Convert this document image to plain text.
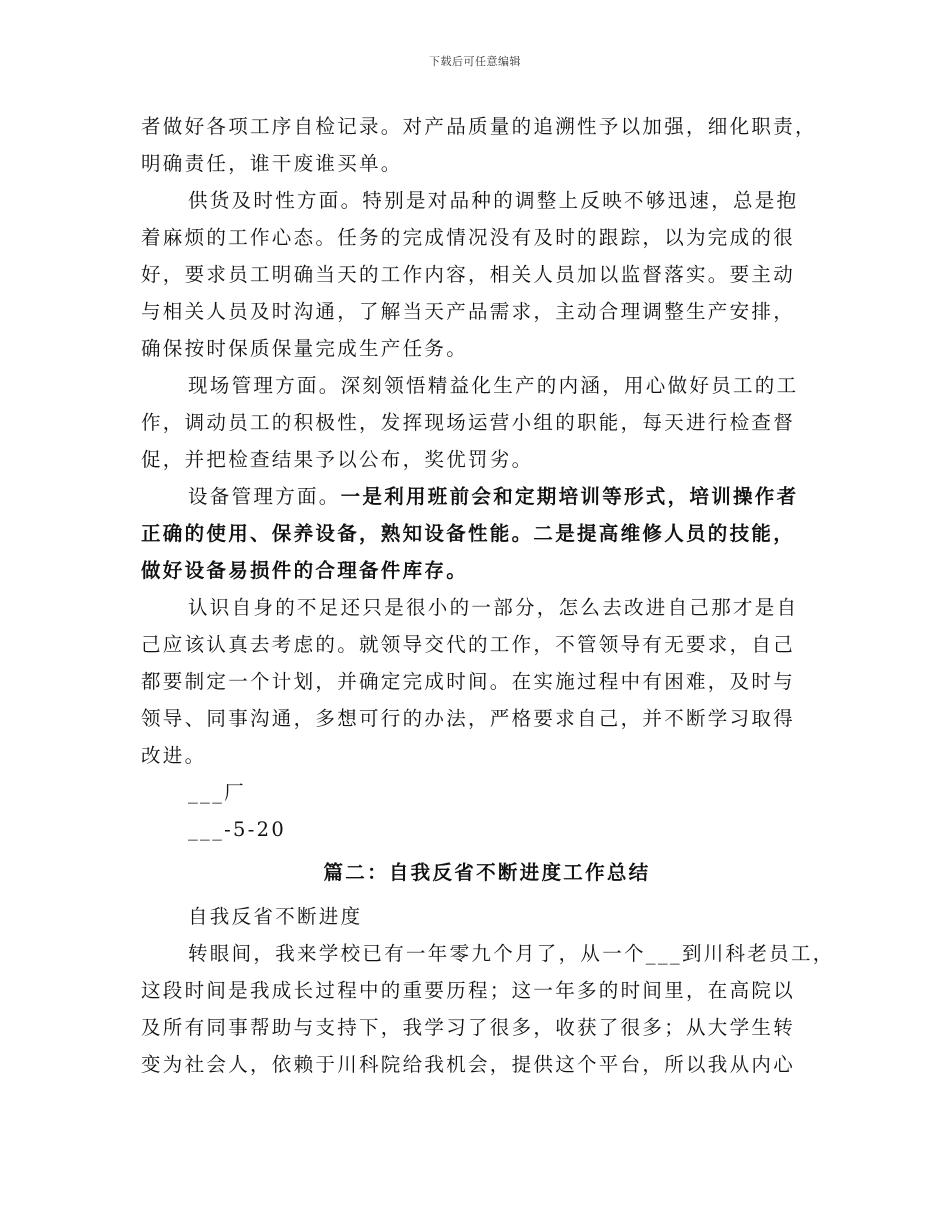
下载后可任意编辑
者做好各项工序自检记录。对产品质量的追溯性予以加强，细化职责，
明确责任，谁干废谁买单。
供货及时性方面。特别是对品种的调整上反映不够迅速，总是抱
着麻烦的工作心态。任务的完成情况没有及时的跟踪，以为完成的很
好，要求员工明确当天的工作内容，相关人员加以监督落实。要主动
与相关人员及时沟通，了解当天产品需求，主动合理调整生产安排，
确保按时保质保量完成生产任务。
现场管理方面。深刻领悟精益化生产的内涵，用心做好员工的工
作，调动员工的积极性，发挥现场运营小组的职能，每天进行检查督
促，并把检查结果予以公布，奖优罚劣。
设备管理方面。一是利用班前会和定期培训等形式，培训操作者
正确的使用、保养设备，熟知设备性能。二是提高维修人员的技能，
做好设备易损件的合理备件库存。
认识自身的不足还只是很小的一部分，怎么去改进自己那才是自
己应该认真去考虑的。就领导交代的工作，不管领导有无要求，自己
都要制定一个计划，并确定完成时间。在实施过程中有困难，及时与
领导、同事沟通，多想可行的办法，严格要求自己，并不断学习取得
改进。
___厂
___-5-20
篇二：自我反省不断进度工作总结
自我反省不断进度
转眼间，我来学校已有一年零九个月了，从一个___到川科老员工，
这段时间是我成长过程中的重要历程；这一年多的时间里，在高院以
及所有同事帮助与支持下，我学习了很多，收获了很多；从大学生转
变为社会人，依赖于川科院给我机会，提供这个平台，所以我从内心
